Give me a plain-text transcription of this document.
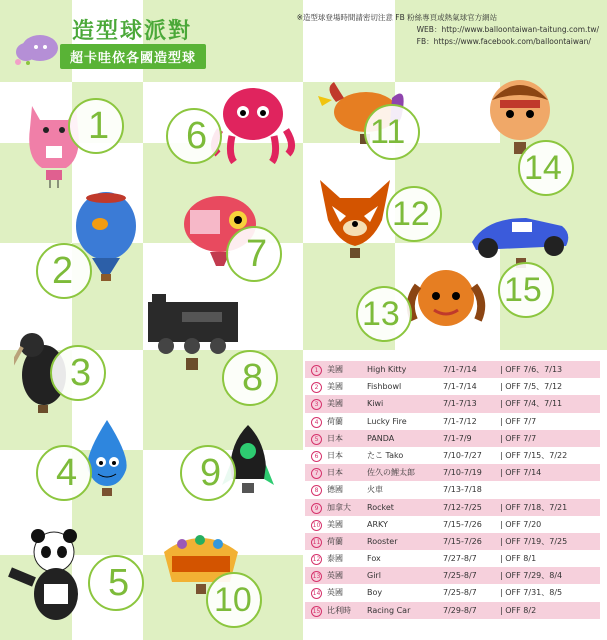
造型球派對
超卡哇依各國造型球
※造型球登場時間請密切注意 FB 粉絲專頁或熱氣球官方網站
WEB：http://www.balloontaiwan-taitung.com.tw/
FB：https://www.facebook.com/balloontaiwan/
1
2
3
4
5
6
7
8
9
10
11
12
13
14
15
1	美國	High Kitty	7/1-7/14	| OFF 7/6、7/13
2	美國	Fishbowl	7/1-7/14	| OFF 7/5、7/12
3	美國	Kiwi	7/1-7/13	| OFF 7/4、7/11
4	荷蘭	Lucky Fire	7/1-7/12	| OFF 7/7
5	日本	PANDA	7/1-7/9	| OFF 7/7
6	日本	たこ Tako	7/10-7/27 | OFF 7/15、7/22
7	日本	佐久の鯉太郎	7/10-7/19 | OFF 7/14
8	德國	火車	7/13-7/18
9	加拿大 Rocket	7/12-7/25 | OFF 7/18、7/21
10 美國	ARKY	7/15-7/26 | OFF 7/20
11 荷蘭	Rooster	7/15-7/26 | OFF 7/19、7/25
12 泰國	Fox	7/27-8/7	| OFF 8/1
13 英國	Girl	7/25-8/7	| OFF 7/29、8/4
14 英國	Boy	7/25-8/7	| OFF 7/31、8/5
15 比利時 Racing Car	7/29-8/7	| OFF 8/2
